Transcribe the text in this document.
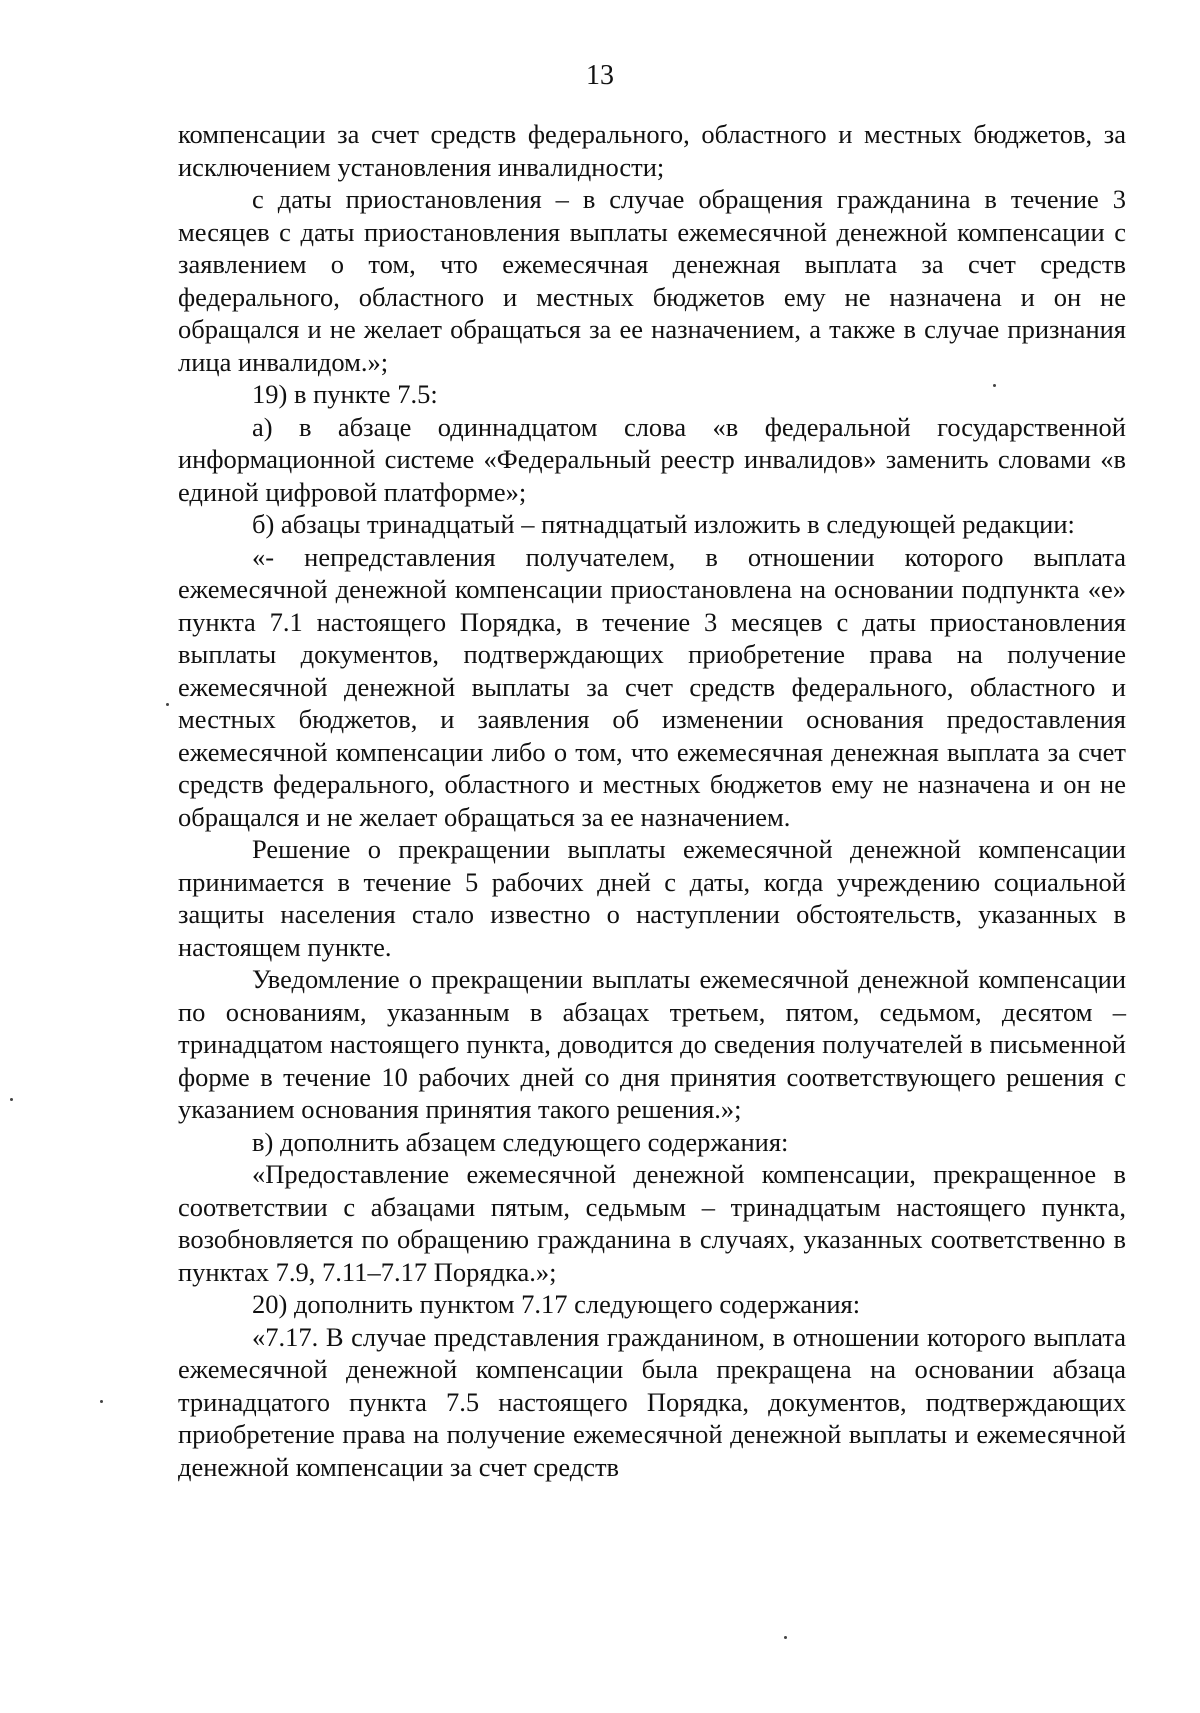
13

компенсации за счет средств федерального, областного и местных бюджетов, за исключением установления инвалидности;

с даты приостановления – в случае обращения гражданина в течение 3 месяцев с даты приостановления выплаты ежемесячной денежной компенсации с заявлением о том, что ежемесячная денежная выплата за счет средств федерального, областного и местных бюджетов ему не назначена и он не обращался и не желает обращаться за ее назначением, а также в случае признания лица инвалидом.»;

19) в пункте 7.5:

а) в абзаце одиннадцатом слова «в федеральной государственной информационной системе «Федеральный реестр инвалидов» заменить словами «в единой цифровой платформе»;

б) абзацы тринадцатый – пятнадцатый изложить в следующей редакции:

«- непредставления получателем, в отношении которого выплата ежемесячной денежной компенсации приостановлена на основании подпункта «е» пункта 7.1 настоящего Порядка, в течение 3 месяцев с даты приостановления выплаты документов, подтверждающих приобретение права на получение ежемесячной денежной выплаты за счет средств федерального, областного и местных бюджетов, и заявления об изменении основания предоставления ежемесячной компенсации либо о том, что ежемесячная денежная выплата за счет средств федерального, областного и местных бюджетов ему не назначена и он не обращался и не желает обращаться за ее назначением.

Решение о прекращении выплаты ежемесячной денежной компенсации принимается в течение 5 рабочих дней с даты, когда учреждению социальной защиты населения стало известно о наступлении обстоятельств, указанных в настоящем пункте.

Уведомление о прекращении выплаты ежемесячной денежной компенсации по основаниям, указанным в абзацах третьем, пятом, седьмом, десятом – тринадцатом настоящего пункта, доводится до сведения получателей в письменной форме в течение 10 рабочих дней со дня принятия соответствующего решения с указанием основания принятия такого решения.»;

в) дополнить абзацем следующего содержания:

«Предоставление ежемесячной денежной компенсации, прекращенное в соответствии с абзацами пятым, седьмым – тринадцатым настоящего пункта, возобновляется по обращению гражданина в случаях, указанных соответственно в пунктах 7.9, 7.11–7.17 Порядка.»;

20) дополнить пунктом 7.17 следующего содержания:

«7.17. В случае представления гражданином, в отношении которого выплата ежемесячной денежной компенсации была прекращена на основании абзаца тринадцатого пункта 7.5 настоящего Порядка, документов, подтверждающих приобретение права на получение ежемесячной денежной выплаты и ежемесячной денежной компенсации за счет средств
